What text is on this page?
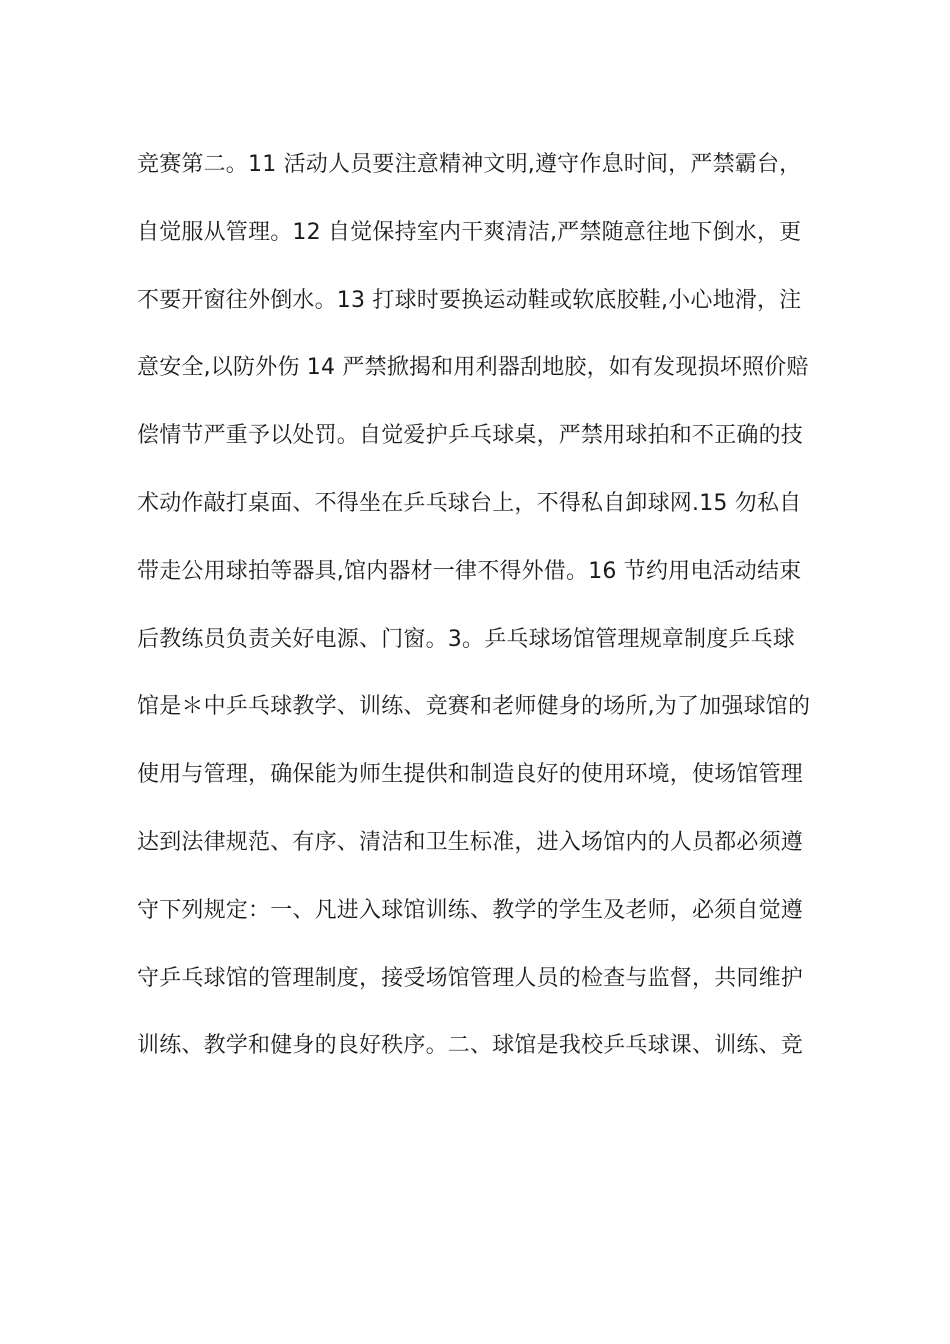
竞赛第二。11 活动人员要注意精神文明,遵守作息时间，严禁霸台，
自觉服从管理。12 自觉保持室内干爽清洁,严禁随意往地下倒水，更
不要开窗往外倒水。13 打球时要换运动鞋或软底胶鞋,小心地滑，注
意安全,以防外伤 14 严禁掀揭和用利器刮地胶，如有发现损坏照价赔
偿情节严重予以处罚。自觉爱护乒乓球桌，严禁用球拍和不正确的技
术动作敲打桌面、不得坐在乒乓球台上，不得私自卸球网.15 勿私自
带走公用球拍等器具,馆内器材一律不得外借。16 节约用电活动结束
后教练员负责关好电源、门窗。3。乒乓球场馆管理规章制度乒乓球
馆是＊中乒乓球教学、训练、竞赛和老师健身的场所,为了加强球馆的
使用与管理，确保能为师生提供和制造良好的使用环境，使场馆管理
达到法律规范、有序、清洁和卫生标准，进入场馆内的人员都必须遵
守下列规定：一、凡进入球馆训练、教学的学生及老师，必须自觉遵
守乒乓球馆的管理制度，接受场馆管理人员的检查与监督，共同维护
训练、教学和健身的良好秩序。二、球馆是我校乒乓球课、训练、竞
